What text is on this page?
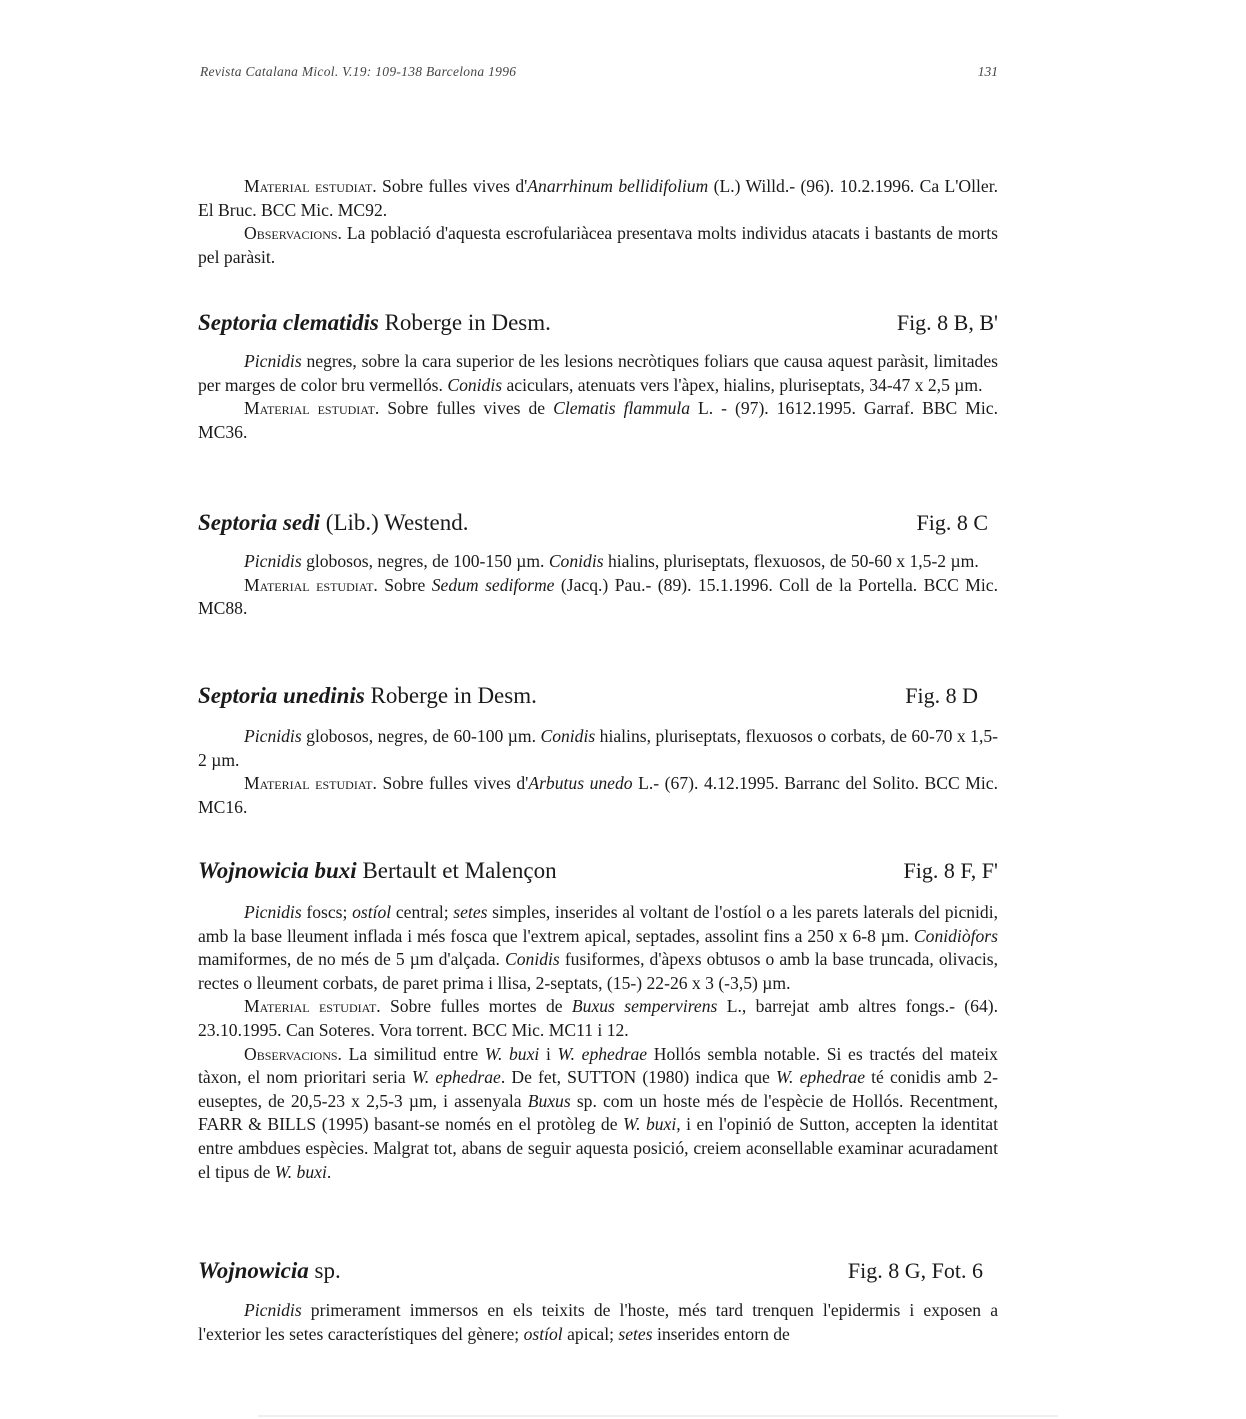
Revista Catalana Micol. V.19: 109-138 Barcelona 1996	131

Material estudiat. Sobre fulles vives d'Anarrhinum bellidifolium (L.) Willd.- (96). 10.2.1996. Ca L'Oller. El Bruc. BCC Mic. MC92.

Observacions. La població d'aquesta escrofulariàcea presentava molts individus atacats i bastants de morts pel paràsit.

Septoria clematidis Roberge in Desm.	Fig. 8 B, B'

Picnidis negres, sobre la cara superior de les lesions necròtiques foliars que causa aquest paràsit, limitades per marges de color bru vermellós. Conidis aciculars, atenuats vers l'àpex, hialins, pluriseptats, 34-47 x 2,5 µm.

Material estudiat. Sobre fulles vives de Clematis flammula L. - (97). 1612.1995. Garraf. BBC Mic. MC36.

Septoria sedi (Lib.) Westend.	Fig. 8 C

Picnidis globosos, negres, de 100-150 µm. Conidis hialins, pluriseptats, flexuosos, de 50-60 x 1,5-2 µm.

Material estudiat. Sobre Sedum sediforme (Jacq.) Pau.- (89). 15.1.1996. Coll de la Portella. BCC Mic. MC88.

Septoria unedinis Roberge in Desm.	Fig. 8 D

Picnidis globosos, negres, de 60-100 µm. Conidis hialins, pluriseptats, flexuosos o corbats, de 60-70 x 1,5-2 µm.

Material estudiat. Sobre fulles vives d'Arbutus unedo L.- (67). 4.12.1995. Barranc del Solito. BCC Mic. MC16.

Wojnowicia buxi Bertault et Malençon	Fig. 8 F, F'

Picnidis foscs; ostíol central; setes simples, inserides al voltant de l'ostíol o a les parets laterals del picnidi, amb la base lleument inflada i més fosca que l'extrem apical, septades, assolint fins a 250 x 6-8 µm. Conidiòfors mamiformes, de no més de 5 µm d'alçada. Conidis fusiformes, d'àpexs obtusos o amb la base truncada, olivacis, rectes o lleument corbats, de paret prima i llisa, 2-septats, (15-) 22-26 x 3 (-3,5) µm.

Material estudiat. Sobre fulles mortes de Buxus sempervirens L., barrejat amb altres fongs.- (64). 23.10.1995. Can Soteres. Vora torrent. BCC Mic. MC11 i 12.

Observacions. La similitud entre W. buxi i W. ephedrae Hollós sembla notable. Si es tractés del mateix tàxon, el nom prioritari seria W. ephedrae. De fet, SUTTON (1980) indica que W. ephedrae té conidis amb 2-euseptes, de 20,5-23 x 2,5-3 µm, i assenyala Buxus sp. com un hoste més de l'espècie de Hollós. Recentment, FARR & BILLS (1995) basant-se només en el protòleg de W. buxi, i en l'opinió de Sutton, accepten la identitat entre ambdues espècies. Malgrat tot, abans de seguir aquesta posició, creiem aconsellable examinar acuradament el tipus de W. buxi.

Wojnowicia sp.	Fig. 8 G, Fot. 6

Picnidis primerament immersos en els teixits de l'hoste, més tard trenquen l'epidermis i exposen a l'exterior les setes característiques del gènere; ostíol apical; setes inserides entorn de
